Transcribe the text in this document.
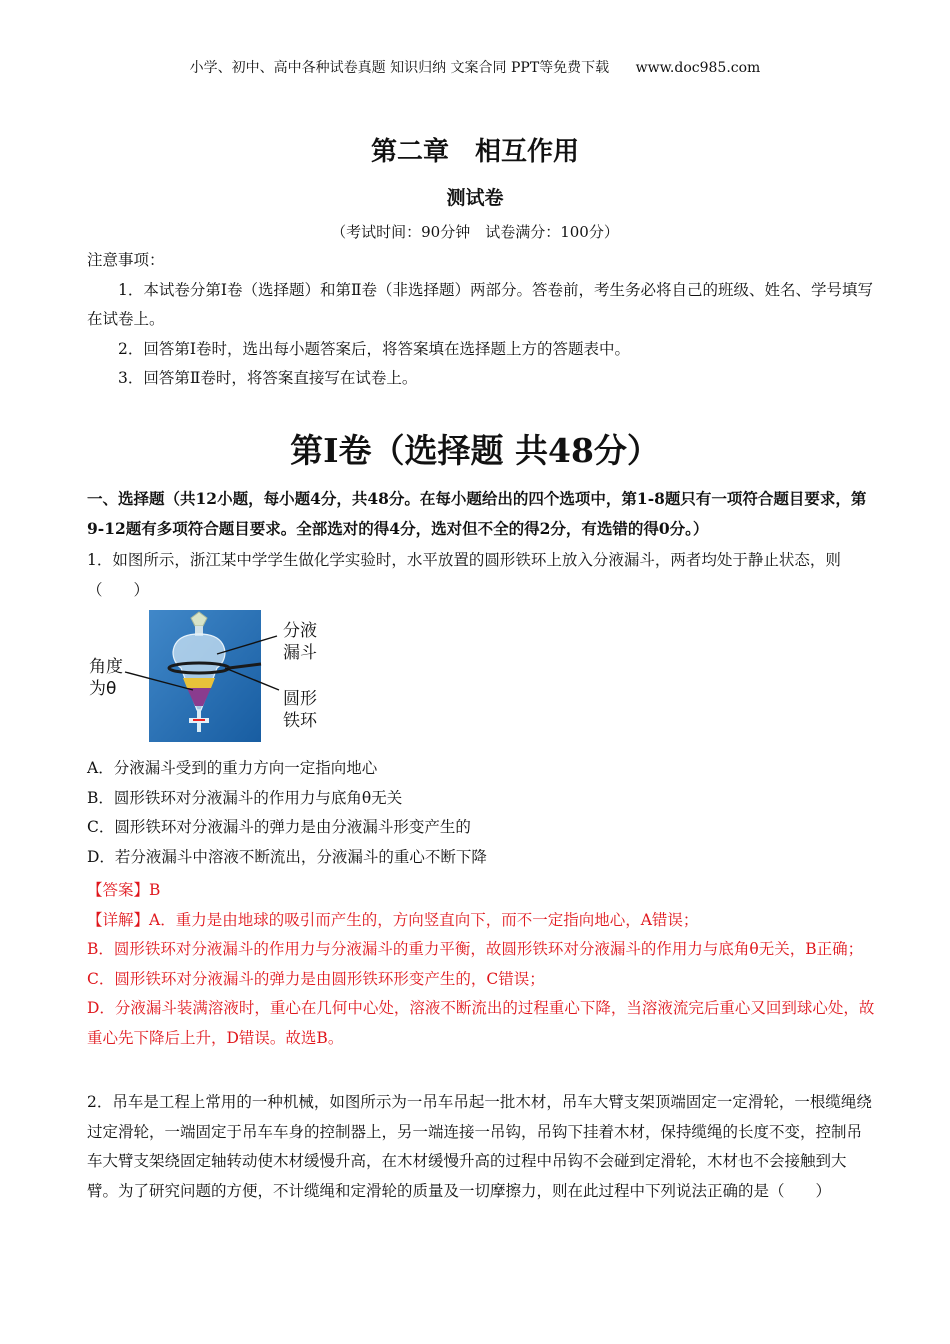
小学、初中、高中各种试卷真题 知识归纳 文案合同 PPT等免费下载 www.doc985.com
第二章　相互作用
测试卷
（考试时间：90分钟　试卷满分：100分）

注意事项：

1．本试卷分第Ⅰ卷（选择题）和第Ⅱ卷（非选择题）两部分。答卷前，考生务必将自己的班级、姓名、学号填写在试卷上。

2．回答第Ⅰ卷时，选出每小题答案后，将答案填在选择题上方的答题表中。

3．回答第Ⅱ卷时，将答案直接写在试卷上。

第Ⅰ卷（选择题 共48分）
一、选择题（共12小题，每小题4分，共48分。在每小题给出的四个选项中，第1-8题只有一项符合题目要求，第9-12题有多项符合题目要求。全部选对的得4分，选对但不全的得2分，有选错的得0分。）
1．如图所示，浙江某中学学生做化学实验时，水平放置的圆形铁环上放入分液漏斗，两者均处于静止状态，则（　　）
分液
漏斗
角度
为θ	圆形
铁环

A．分液漏斗受到的重力方向一定指向地心

B．圆形铁环对分液漏斗的作用力与底角θ无关

C．圆形铁环对分液漏斗的弹力是由分液漏斗形变产生的

D．若分液漏斗中溶液不断流出，分液漏斗的重心不断下降

【答案】B

【详解】A．重力是由地球的吸引而产生的，方向竖直向下，而不一定指向地心，A错误；

B．圆形铁环对分液漏斗的作用力与分液漏斗的重力平衡，故圆形铁环对分液漏斗的作用力与底角θ无关，B正确；

C．圆形铁环对分液漏斗的弹力是由圆形铁环形变产生的，C错误；

D．分液漏斗装满溶液时，重心在几何中心处，溶液不断流出的过程重心下降，当溶液流完后重心又回到球心处，故重心先下降后上升，D错误。故选B。

2．吊车是工程上常用的一种机械，如图所示为一吊车吊起一批木材，吊车大臂支架顶端固定一定滑轮，一根缆绳绕过定滑轮，一端固定于吊车车身的控制器上，另一端连接一吊钩，吊钩下挂着木材，保持缆绳的长度不变，控制吊车大臂支架绕固定轴转动使木材缓慢升高，在木材缓慢升高的过程中吊钩不会碰到定滑轮，木材也不会接触到大臂。为了研究问题的方便，不计缆绳和定滑轮的质量及一切摩擦力，则在此过程中下列说法正确的是（　　）
